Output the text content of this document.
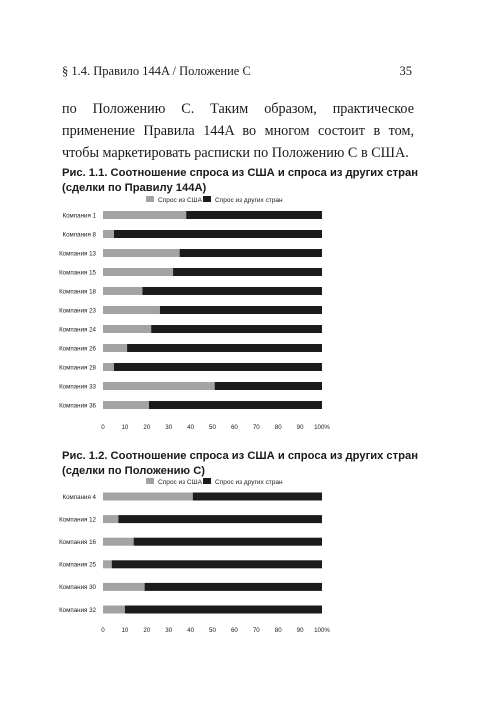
§ 1.4. Правило 144A / Положение С	35
по Положению С. Таким образом, практическое применение Правила 144A во многом состоит в том, чтобы маркетировать расписки по Положению С в США.
Рис. 1.1. Соотношение спроса из США и спроса из других стран
(сделки по Правилу 144А)
Спрос из США Спрос из других стран
Компания 1
Компания 8
Компания 13
Компания 15
Компания 18
Компания 23
Компания 24
Компания 26
Компания 28
Компания 33
Компания 36
0	10 20 30 40 50 60 70 80 90 100%
Рис. 1.2. Соотношение спроса из США и спроса из других стран
(сделки по Положению С)
Спрос из США Спрос из других стран
Компания 4
Компания 12
Компания 16
Компания 25
Компания 30
Компания 32
0	10 20 30 40 50 60 70 80 90 100%
